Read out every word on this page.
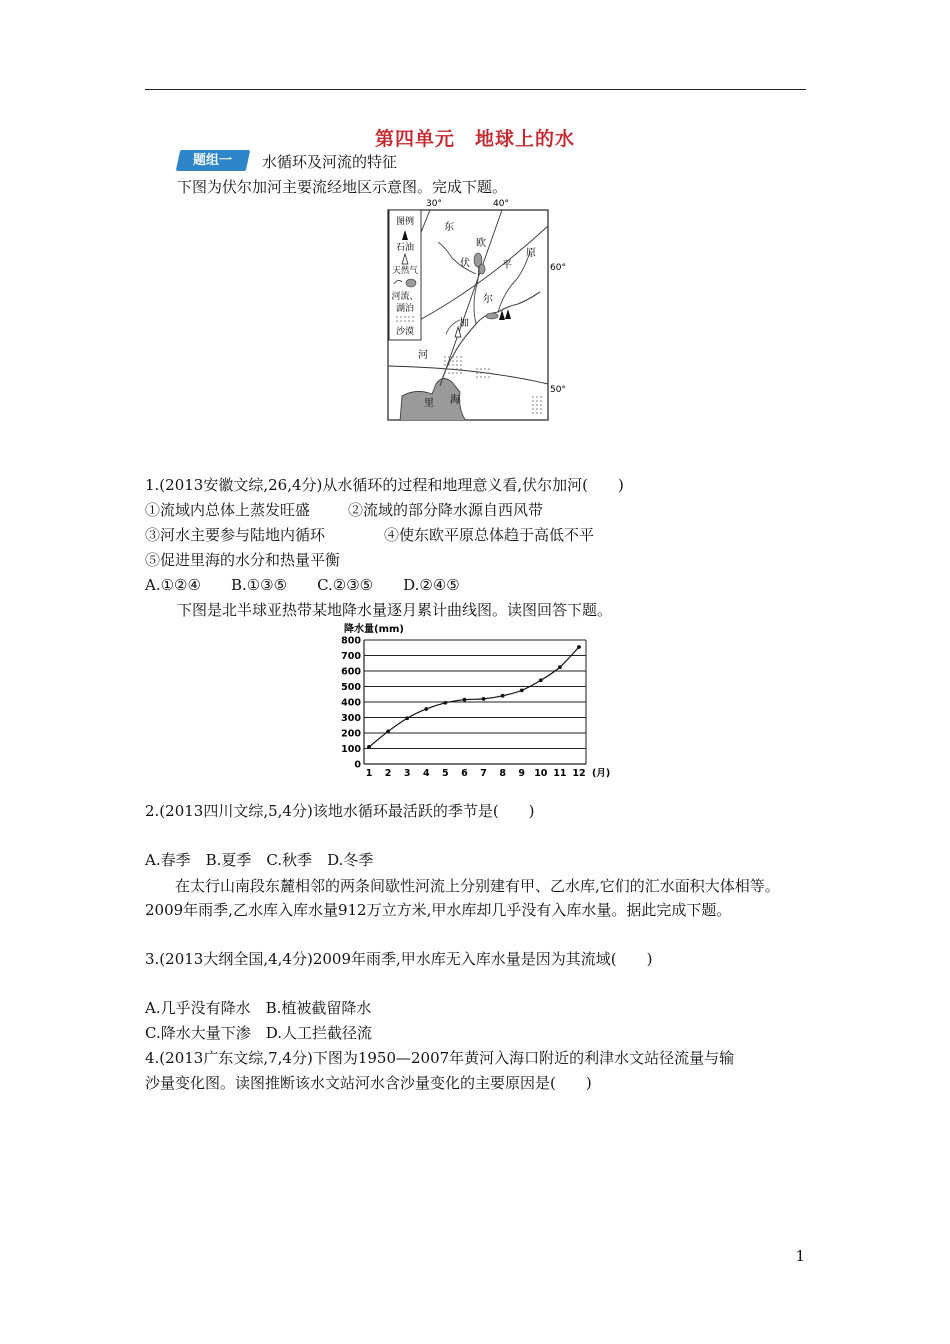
第四单元　地球上的水
题组一	水循环及河流的特征
下图为伏尔加河主要流经地区示意图。完成下题。
图例
石油
天然气
河流、
湖泊
沙漠
30°	40°
60°
50°
东
欧
平
原
伏
尔
加
河
里 海
1.(2013安徽文综,26,4分)从水循环的过程和地理意义看,伏尔加河(　　)
①流域内总体上蒸发旺盛	②流域的部分降水源自西风带
③河水主要参与陆地内循环	④使东欧平原总体趋于高低不平
⑤促进里海的水分和热量平衡
A.①②④　　B.①③⑤　　C.②③⑤　　D.②④⑤
下图是北半球亚热带某地降水量逐月累计曲线图。读图回答下题。
降水量(mm)
0
100
200
300
400
500
600
700
800
1 2 3 4 5 6 7 8 9 10 11 12 (月)
2.(2013四川文综,5,4分)该地水循环最活跃的季节是(　　)
A.春季　B.夏季　C.秋季　D.冬季
在太行山南段东麓相邻的两条间歇性河流上分别建有甲、乙水库,它们的汇水面积大体相等。2009年雨季,乙水库入库水量912万立方米,甲水库却几乎没有入库水量。据此完成下题。
3.(2013大纲全国,4,4分)2009年雨季,甲水库无入库水量是因为其流域(　　)
A.几乎没有降水　B.植被截留降水
C.降水大量下渗　D.人工拦截径流
4.(2013广东文综,7,4分)下图为1950—2007年黄河入海口附近的利津水文站径流量与输
沙量变化图。读图推断该水文站河水含沙量变化的主要原因是(　　)
1
